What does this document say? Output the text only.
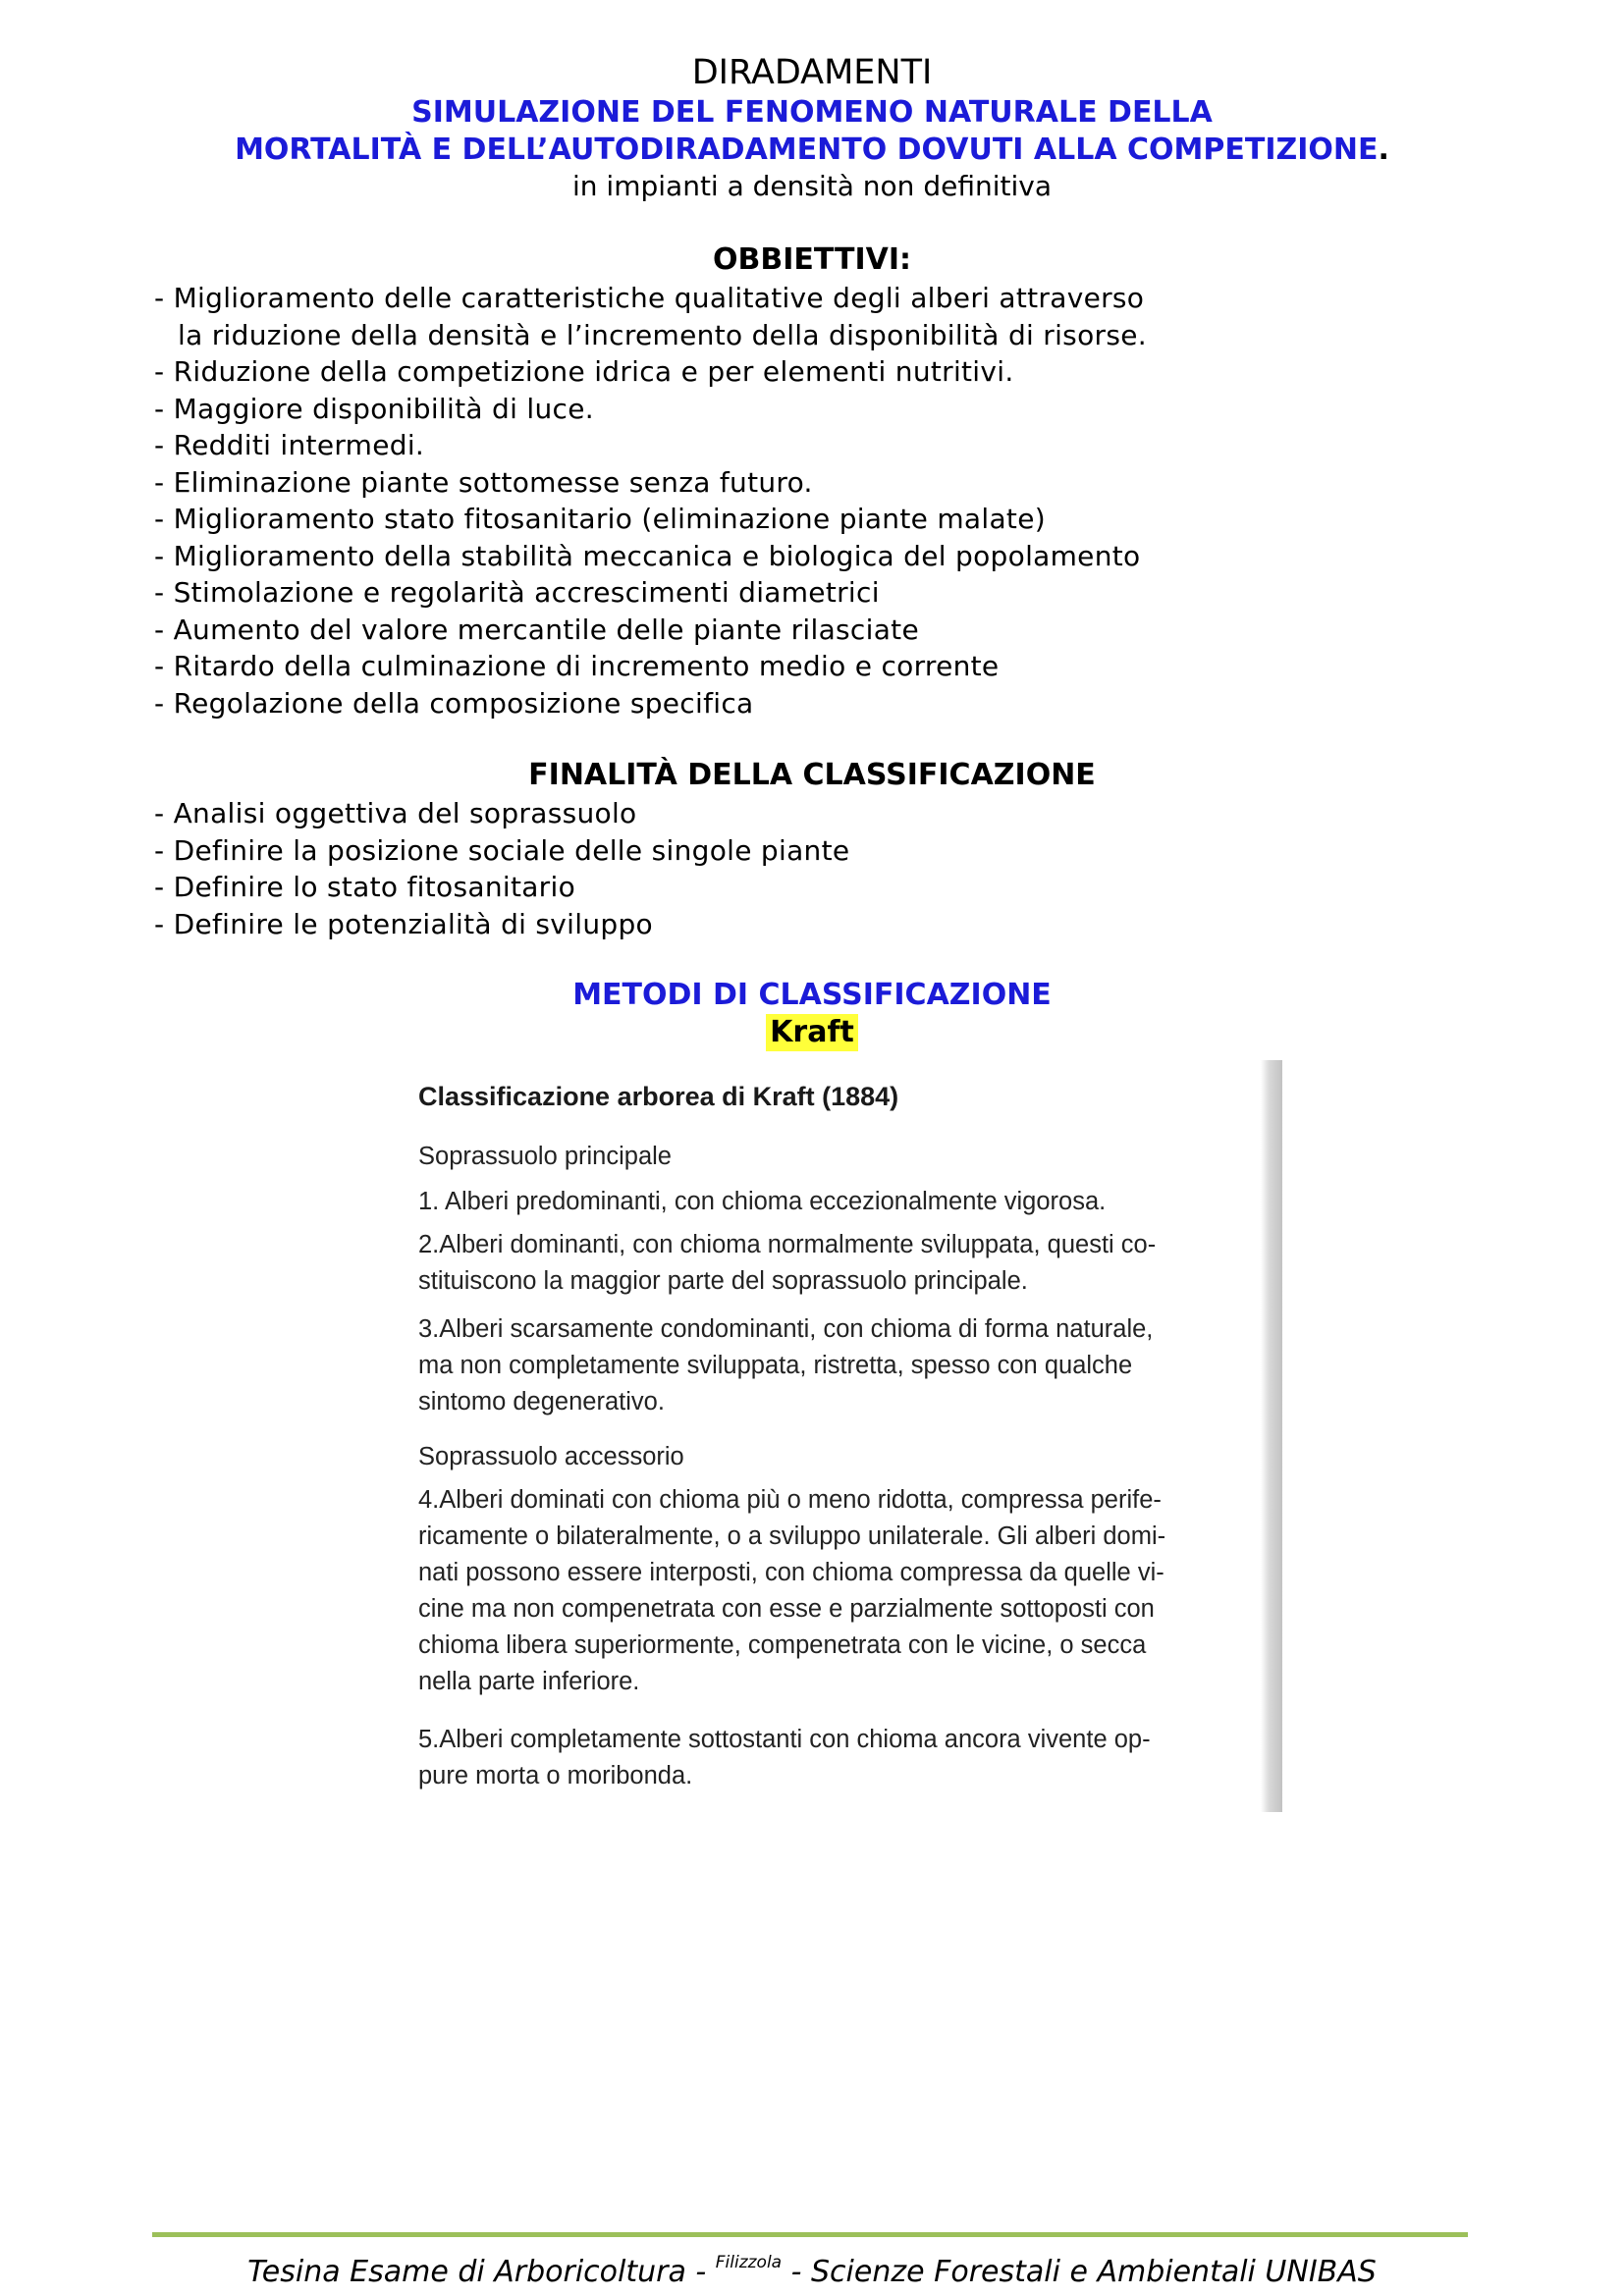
DIRADAMENTI
SIMULAZIONE DEL FENOMENO NATURALE DELLA
MORTALITÀ E DELL’AUTODIRADAMENTO DOVUTI ALLA COMPETIZIONE.
in impianti a densità non definitiva
OBBIETTIVI:
- Miglioramento delle caratteristiche qualitative degli alberi attraverso
la riduzione della densità e l’incremento della disponibilità di risorse.
- Riduzione della competizione idrica e per elementi nutritivi.
- Maggiore disponibilità di luce.
- Redditi intermedi.
- Eliminazione piante sottomesse senza futuro.
- Miglioramento stato fitosanitario (eliminazione piante malate)
- Miglioramento della stabilità meccanica e biologica del popolamento
- Stimolazione e regolarità accrescimenti diametrici
- Aumento del valore mercantile delle piante rilasciate
- Ritardo della culminazione di incremento medio e corrente
- Regolazione della composizione specifica
FINALITÀ DELLA CLASSIFICAZIONE
- Analisi oggettiva del soprassuolo
- Definire la posizione sociale delle singole piante
- Definire lo stato fitosanitario
- Definire le potenzialità di sviluppo
METODI DI CLASSIFICAZIONE
Kraft
Classificazione arborea di Kraft (1884)
Soprassuolo principale
1. Alberi predominanti, con chioma eccezionalmente vigorosa.
2.Alberi dominanti, con chioma normalmente sviluppata, questi co-
stituiscono la maggior parte del soprassuolo principale.
3.Alberi scarsamente condominanti, con chioma di forma naturale,
ma non completamente sviluppata, ristretta, spesso con qualche
sintomo degenerativo.
Soprassuolo accessorio
4.Alberi dominati con chioma più o meno ridotta, compressa perife-
ricamente o bilateralmente, o a sviluppo unilaterale. Gli alberi domi-
nati possono essere interposti, con chioma compressa da quelle vi-
cine ma non compenetrata con esse e parzialmente sottoposti con
chioma libera superiormente, compenetrata con le vicine, o secca
nella parte inferiore.
5.Alberi completamente sottostanti con chioma ancora vivente op-
pure morta o moribonda.
Tesina Esame di Arboricoltura - $^{Filizzola}$ - Scienze Forestali e Ambientali UNIBAS
